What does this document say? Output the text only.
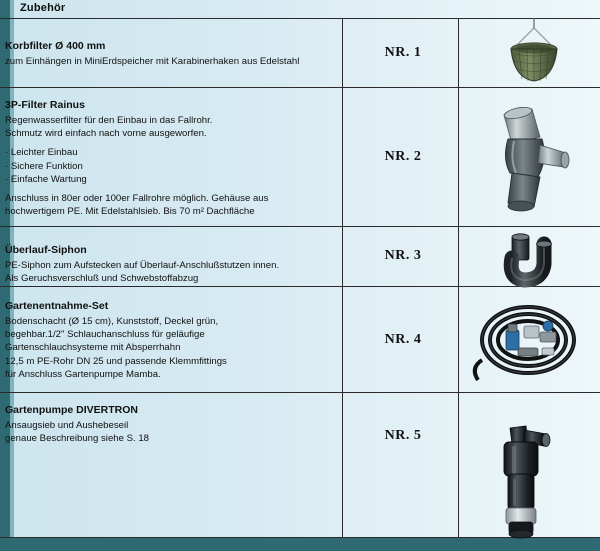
Zubehör

Korbfilter Ø 400 mm

zum Einhängen in MiniErdspeicher mit Karabinerhaken aus Edelstahl

NR. 1

3P-Filter Rainus

Regenwasserfilter für den Einbau in das Fallrohr.

Schmutz wird einfach nach vorne ausgeworfen.

· Leichter Einbau

· Sichere Funktion

· Einfache Wartung

Anschluss in 80er oder 100er Fallrohre möglich. Gehäuse aus

hochwertigem PE. Mit Edelstahlsieb. Bis 70 m² Dachfläche

NR. 2

Überlauf-Siphon

PE-Siphon zum Aufstecken auf Überlauf-Anschlußstutzen innen.

Als Geruchsverschluß und Schwebstoffabzug

NR. 3

Gartenentnahme-Set

Bodenschacht (Ø 15 cm), Kunststoff, Deckel grün,

begehbar.1/2" Schlauchanschluss für geläufige

Gartenschlauchsysteme mit Absperrhahn

12,5 m PE-Rohr DN 25 und passende Klemmfittings

für Anschluss Gartenpumpe Mamba.

NR. 4

Gartenpumpe DIVERTRON

Ansaugsieb und Aushebeseil

genaue Beschreibung siehe S. 18	NR. 5
